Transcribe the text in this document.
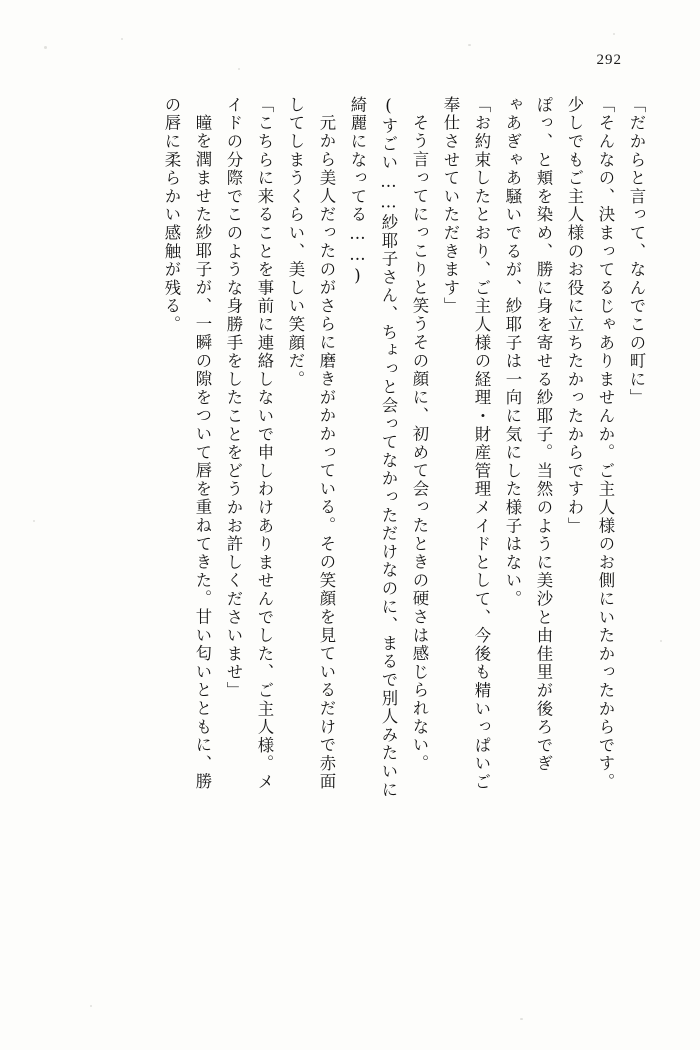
292
「だからと言って、なんでこの町に」
「そんなの、決まってるじゃありませんか。ご主人様のお側にいたかったからです。
少しでもご主人様のお役に立ちたかったからですわ」
ぽっ、と頬を染め、勝に身を寄せる紗耶子。当然のように美沙と由佳里が後ろでぎ
ゃあぎゃあ騒いでるが、紗耶子は一向に気にした様子はない。
「お約束したとおり、ご主人様の経理・財産管理メイドとして、今後も精いっぱいご
奉仕させていただきます」
そう言ってにっこりと笑うその顔に、初めて会ったときの硬さは感じられない。
(すごい……紗耶子さん、ちょっと会ってなかっただけなのに、まるで別人みたいに
綺麗になってる……)
元から美人だったのがさらに磨きがかかっている。その笑顔を見ているだけで赤面
してしまうくらい、美しい笑顔だ。
「こちらに来ることを事前に連絡しないで申しわけありませんでした、ご主人様。メ
イドの分際でこのような身勝手をしたことをどうかお許しくださいませ」
瞳を潤ませた紗耶子が、一瞬の隙をついて唇を重ねてきた。甘い匂いとともに、勝
の唇に柔らかい感触が残る。
